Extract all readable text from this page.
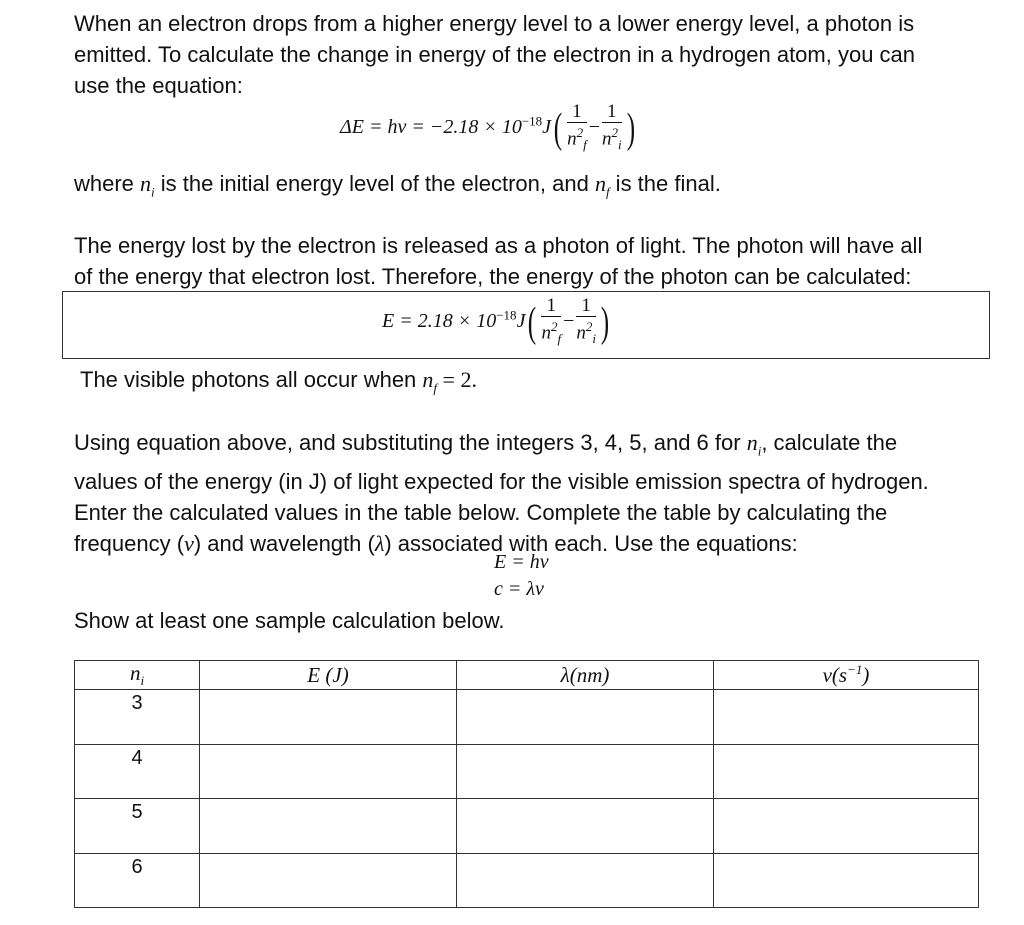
When an electron drops from a higher energy level to a lower energy level, a photon is
emitted. To calculate the change in energy of the electron in a hydrogen atom, you can
use the equation:
ΔE = hv = $-2.18 \times 10^{-18}J( \frac{1}{n^2_f} - \frac{1}{n^2_i}$ )
where $n_i$ is the initial energy level of the electron, and $n_f$ is the final.
The energy lost by the electron is released as a photon of light. The photon will have all
of the energy that electron lost. Therefore, the energy of the photon can be calculated:
$E = 2.18 \times 10^{-18}J( \frac{1}{n^2_f} - \frac{1}{n^2_i}$ )
The visible photons all occur when $n_f = 2$.
Using equation above, and substituting the integers 3, 4, 5, and 6 for $n_i$, calculate the
values of the energy (in J) of light expected for the visible emission spectra of hydrogen.
Enter the calculated values in the table below. Complete the table by calculating the
frequency (v) and wavelength (λ) associated with each. Use the equations:
E = hv
c = λv
Show at least one sample calculation below.
$n_i$	E (J)	λ(nm)	$v(s^{-1})$
3			
4			
5			
6			
